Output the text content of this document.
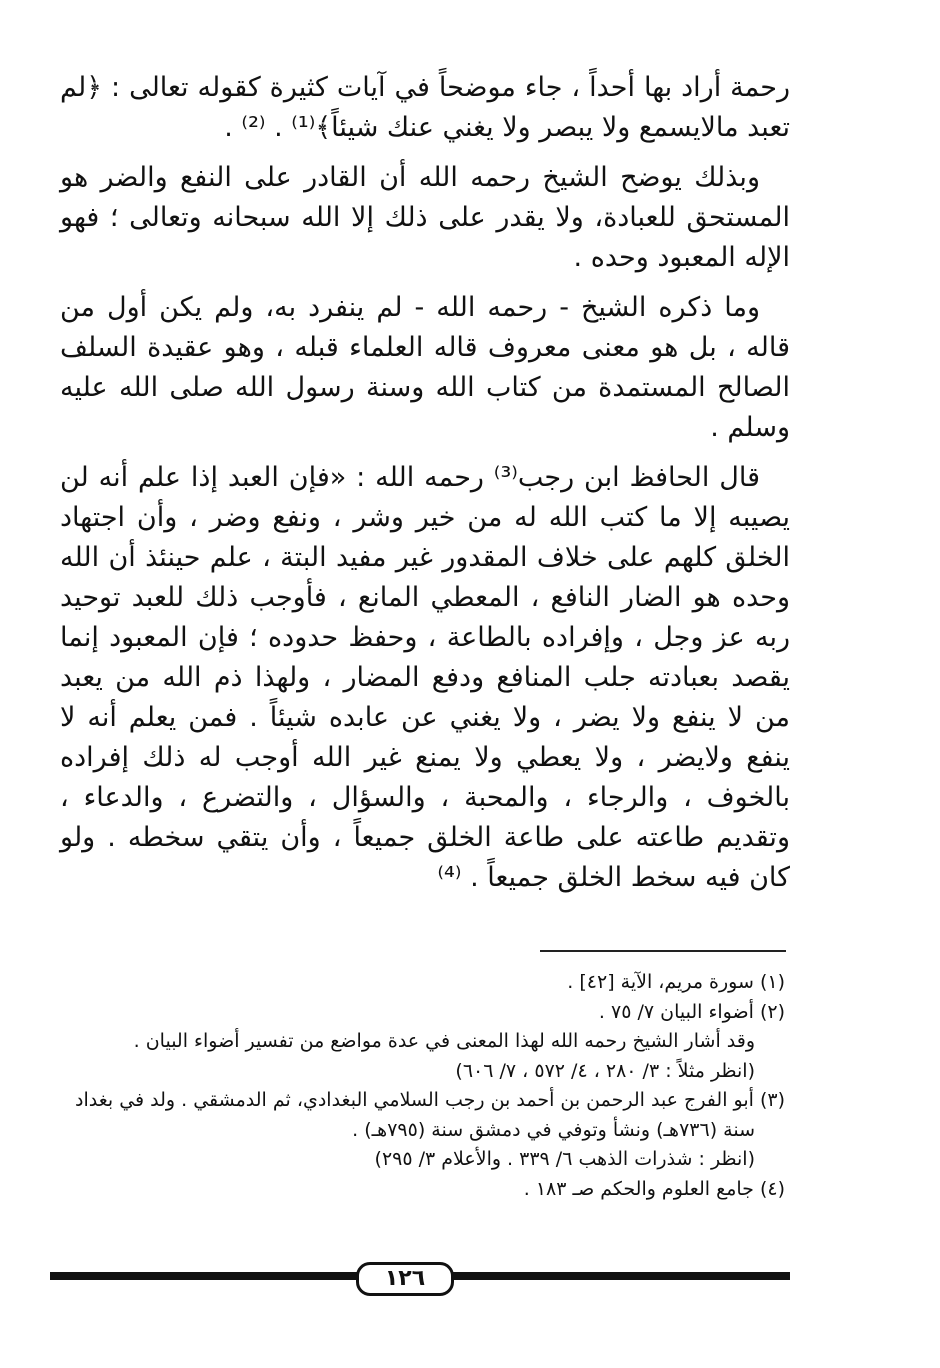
رحمة أراد بها أحداً ، جاء موضحاً في آيات كثيرة كقوله تعالى : ﴿لم تعبد مالايسمع ولا يبصر ولا يغني عنك شيئاً﴾⁽¹⁾ . ⁽²⁾ .

وبذلك يوضح الشيخ رحمه الله أن القادر على النفع والضر هو المستحق للعبادة، ولا يقدر على ذلك إلا الله سبحانه وتعالى ؛ فهو الإله المعبود وحده .

وما ذكره الشيخ - رحمه الله - لم ينفرد به، ولم يكن أول من قاله ، بل هو معنى معروف قاله العلماء قبله ، وهو عقيدة السلف الصالح المستمدة من كتاب الله وسنة رسول الله صلى الله عليه وسلم .

قال الحافظ ابن رجب⁽³⁾ رحمه الله : «فإن العبد إذا علم أنه لن يصيبه إلا ما كتب الله له من خير وشر ، ونفع وضر ، وأن اجتهاد الخلق كلهم على خلاف المقدور غير مفيد البتة ، علم حينئذ أن الله وحده هو الضار النافع ، المعطي المانع ، فأوجب ذلك للعبد توحيد ربه عز وجل ، وإفراده بالطاعة ، وحفظ حدوده ؛ فإن المعبود إنما يقصد بعبادته جلب المنافع ودفع المضار ، ولهذا ذم الله من يعبد من لا ينفع ولا يضر ، ولا يغني عن عابده شيئاً . فمن يعلم أنه لا ينفع ولايضر ، ولا يعطي ولا يمنع غير الله أوجب له ذلك إفراده بالخوف ، والرجاء ، والمحبة ، والسؤال ، والتضرع ، والدعاء ، وتقديم طاعته على طاعة الخلق جميعاً ، وأن يتقي سخطه . ولو كان فيه سخط الخلق جميعاً . ⁽⁴⁾

(١) سورة مريم، الآية [٤٢] .

(٢) أضواء البيان ٧/ ٧٥ .

وقد أشار الشيخ رحمه الله لهذا المعنى في عدة مواضع من تفسير أضواء البيان .

(انظر مثلاً : ٣/ ٢٨٠ ، ٤/ ٥٧٢ ، ٧/ ٦٠٦)

(٣) أبو الفرج عبد الرحمن بن أحمد بن رجب السلامي البغدادي، ثم الدمشقي . ولد في بغداد سنة (٧٣٦هـ) ونشأ وتوفي في دمشق سنة (٧٩٥هـ) .

(انظر : شذرات الذهب ٦/ ٣٣٩ . والأعلام ٣/ ٢٩٥)

(٤) جامع العلوم والحكم صـ ١٨٣ .

١٢٦
